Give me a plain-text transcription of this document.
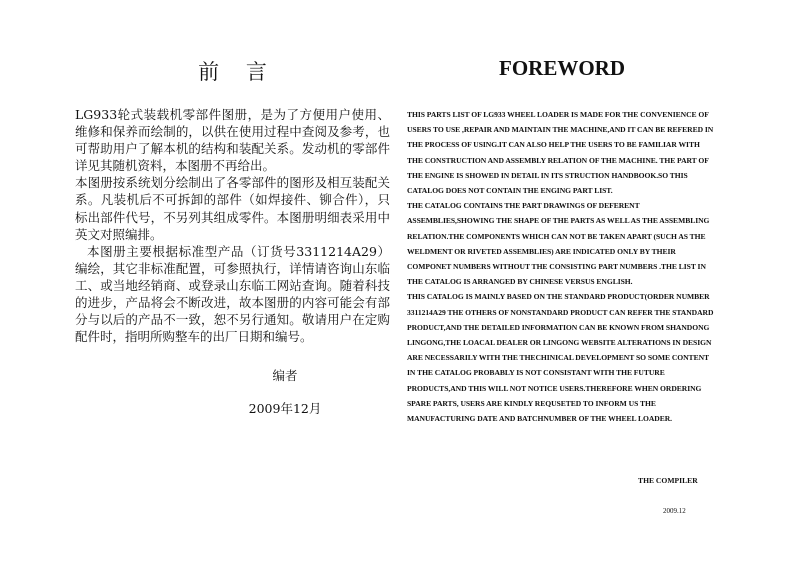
前 言

LG933轮式装载机零部件图册，是为了方便用户使用、维修和保养而绘制的，以供在使用过程中查阅及参考，也可帮助用户了解本机的结构和装配关系。发动机的零部件详见其随机资料，本图册不再给出。

本图册按系统划分绘制出了各零部件的图形及相互装配关系。凡装机后不可拆卸的部件（如焊接件、铆合件），只标出部件代号，不另列其组成零件。本图册明细表采用中英文对照编排。

本图册主要根据标准型产品（订货号3311214A29）编绘，其它非标准配置，可参照执行，详情请咨询山东临工、或当地经销商、或登录山东临工网站查询。随着科技的进步，产品将会不断改进，故本图册的内容可能会有部分与以后的产品不一致，恕不另行通知。敬请用户在定购配件时，指明所购整车的出厂日期和编号。

编者
2009年12月
FOREWORD

THIS PARTS LIST OF LG933 WHEEL LOADER IS MADE FOR THE CONVENIENCE OF USERS TO USE ,REPAIR AND MAINTAIN THE MACHINE,AND IT CAN BE REFERED IN THE PROCESS OF USING.IT CAN ALSO HELP THE USERS TO BE FAMILIAR WITH THE CONSTRUCTION AND ASSEMBLY RELATION OF THE MACHINE. THE PART OF THE ENGINE IS SHOWED IN DETAIL IN ITS STRUCTION HANDBOOK.SO THIS CATALOG DOES NOT CONTAIN THE ENGING PART LIST.

THE CATALOG CONTAINS THE PART DRAWINGS OF DEFERENT ASSEMBLIES,SHOWING THE SHAPE OF THE PARTS AS WELL AS THE ASSEMBLING RELATION.THE COMPONENTS WHICH CAN NOT BE TAKEN APART (SUCH AS THE WELDMENT OR RIVETED ASSEMBLIES) ARE INDICATED ONLY BY THEIR COMPONET NUMBERS WITHOUT THE CONSISTING PART NUMBERS .THE LIST IN THE CATALOG IS ARRANGED BY CHINESE VERSUS ENGLISH.

THIS CATALOG IS MAINLY BASED ON THE STANDARD PRODUCT(ORDER NUMBER 3311214A29 THE OTHERS OF NONSTANDARD PRODUCT CAN REFER THE STANDARD PRODUCT,AND THE DETAILED INFORMATION CAN BE KNOWN FROM SHANDONG LINGONG,THE LOACAL DEALER OR LINGONG WEBSITE ALTERATIONS IN DESIGN ARE NECESSARILY WITH THE THECHINICAL DEVELOPMENT SO SOME CONTENT IN THE CATALOG PROBABLY IS NOT CONSISTANT WITH THE FUTURE PRODUCTS,AND THIS WILL NOT NOTICE USERS.THEREFORE WHEN ORDERING SPARE PARTS, USERS ARE KINDLY REQUSETED TO INFORM US THE MANUFACTURING DATE AND BATCHNUMBER OF THE WHEEL LOADER.

THE COMPILER
2009.12
